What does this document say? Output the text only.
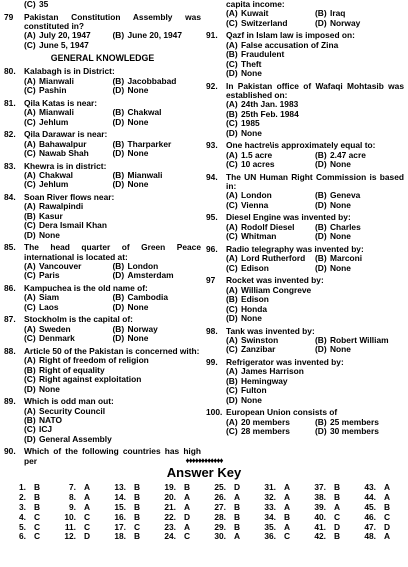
(C) 35
79	Pakistan Constitution Assembly was constituted in?
(A) July 20, 1947	(B) June 20, 1947
(C) June 5, 1947
GENERAL KNOWLEDGE
80. Kalabagh is in District:
(A) Mianwali	(B) Jacobbabad
(C) Pashin	(D) None
81. Qila Katas is near:
(A) Mianwali	(B) Chakwal
(C) Jehlum	(D) None
82. Qila Darawar is near:
(A) Bahawalpur	(B) Tharparker
(C) Nawab Shah	(D) None
83. Khewra is in district:
(A) Chakwal	(B) Mianwali
(C) Jehlum	(D) None
84. Soan River flows near:
(A) Rawalpindi
(B) Kasur
(C) Dera Ismail Khan
(D) None
85. The head quarter of Green Peace international is located at:
(A) Vancouver	(B) London
(C) Paris	(D) Amsterdam
86. Kampuchea is the old name of:
(A) Siam	(B) Cambodia
(C) Laos	(D) None
87. Stockholm is the capital of:
(A) Sweden	(B) Norway
(C) Denmark	(D) None
88. Article 50 of the Pakistan is concerned with:
(A) Right of freedom of religion
(B) Right of equality
(C) Right against exploitation
(D) None
89. Which is odd man out:
(A) Security Council
(B) NATO
(C) ICJ
(D) General Assembly
90. Which of the following countries has high per
capita income:
(A) Kuwait	(B) Iraq
(C) Switzerland	(D) Norway
91. Qazf in Islam law is imposed on:
(A) False accusation of Zina
(B) Fraudulent
(C) Theft
(D) None
92. In Pakistan office of Wafaqi Mohtasib was established on:
(A) 24th Jan. 1983
(B) 25th Feb. 1984
(C) 1985
(D) None
93. One hactre\is approximately equal to:
(A) 1.5 acre	(B) 2.47 acre
(C) 10 acres	(D) None
94. The UN Human Right Commission is based in:
(A) London	(B) Geneva
(C) Vienna	(D) None
95. Diesel Engine was invented by:
(A) Rodolf Diesel	(B) Charles
(C) Whitman	(D) None
96. Radio telegraphy was invented by:
(A) Lord Rutherford	(B) Marconi
(C) Edison	(D) None
97	Rocket was invented by:
(A) William Congreve
(B) Edison
(C) Honda
(D) None
98. Tank was invented by:
(A) Swinston	(B) Robert William
(C) Zanzibar	(D) None
99. Refrigerator was invented by:
(A) James Harrison
(B) Hemingway
(C) Fulton
(D) None
100. European Union consists of
(A) 20 members	(B) 25 members
(C) 28 members	(D) 30 members
♦♦♦♦♦♦♦♦♦♦♦♦
Answer Key
1. B	7. A	13. B	19. B	25. D	31. A	37. B	43. A
2. B	8. A	14. B	20. A	26. A	32. A	38. B	44. A
3. B	9. A	15. B	21. A	27. B	33. A	39. A	45. B
4. C	10. C	16. B	22. D	28. B	34. B	40. C	46. C
5. C	11. C	17. C	23. A	29. B	35. A	41. D	47. D
6. C	12. D	18. B	24. C	30. A	36. C	42. B	48. A
